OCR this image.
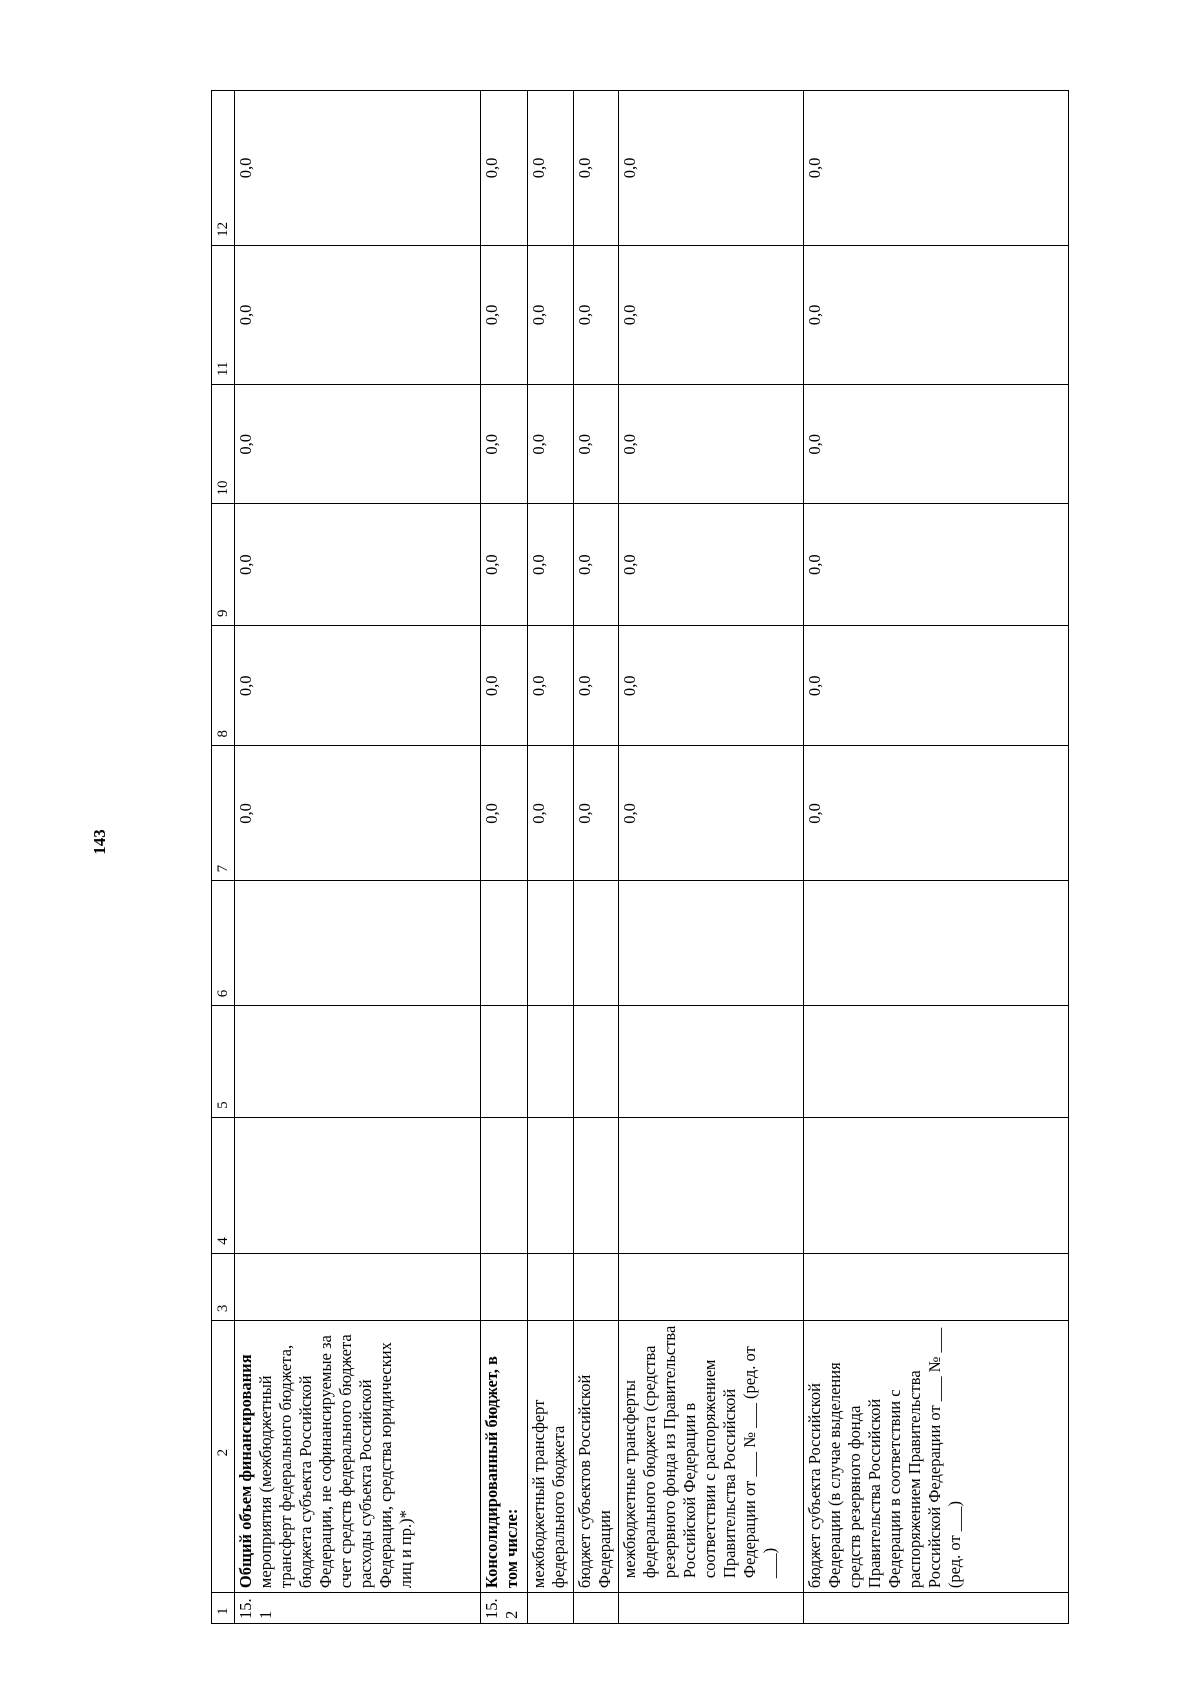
143
1	2	3	4	5	6	7	8	9	10	11	12
15.1	Общий объем финансирования мероприятия (межбюджетный трансферт федерального бюджета, бюджета субъекта Российской Федерации, не софинансируемые за счет средств федерального бюджета расходы субъекта Российской Федерации, средства юридических лиц и пр.)*					0,0	0,0	0,0	0,0	0,0	0,0
15.2	Консолидированный бюджет, в том числе:					0,0	0,0	0,0	0,0	0,0	0,0
	межбюджетный трансферт федерального бюджета					0,0	0,0	0,0	0,0	0,0	0,0
	бюджет субъектов Российской Федерации					0,0	0,0	0,0	0,0	0,0	0,0
	межбюджетные трансферты федерального бюджета (средства резервного фонда из Правительства Российской Федерации в соответствии с распоряжением Правительства Российской Федерации от ___ № ___ (ред. от ___)					0,0	0,0	0,0	0,0	0,0	0,0
	бюджет субъекта Российской Федерации (в случае выделения средств резервного фонда Правительства Российской Федерации в соответствии с распоряжением Правительства Российской Федерации от ___ № ___ (ред. от ___)					0,0	0,0	0,0	0,0	0,0	0,0
